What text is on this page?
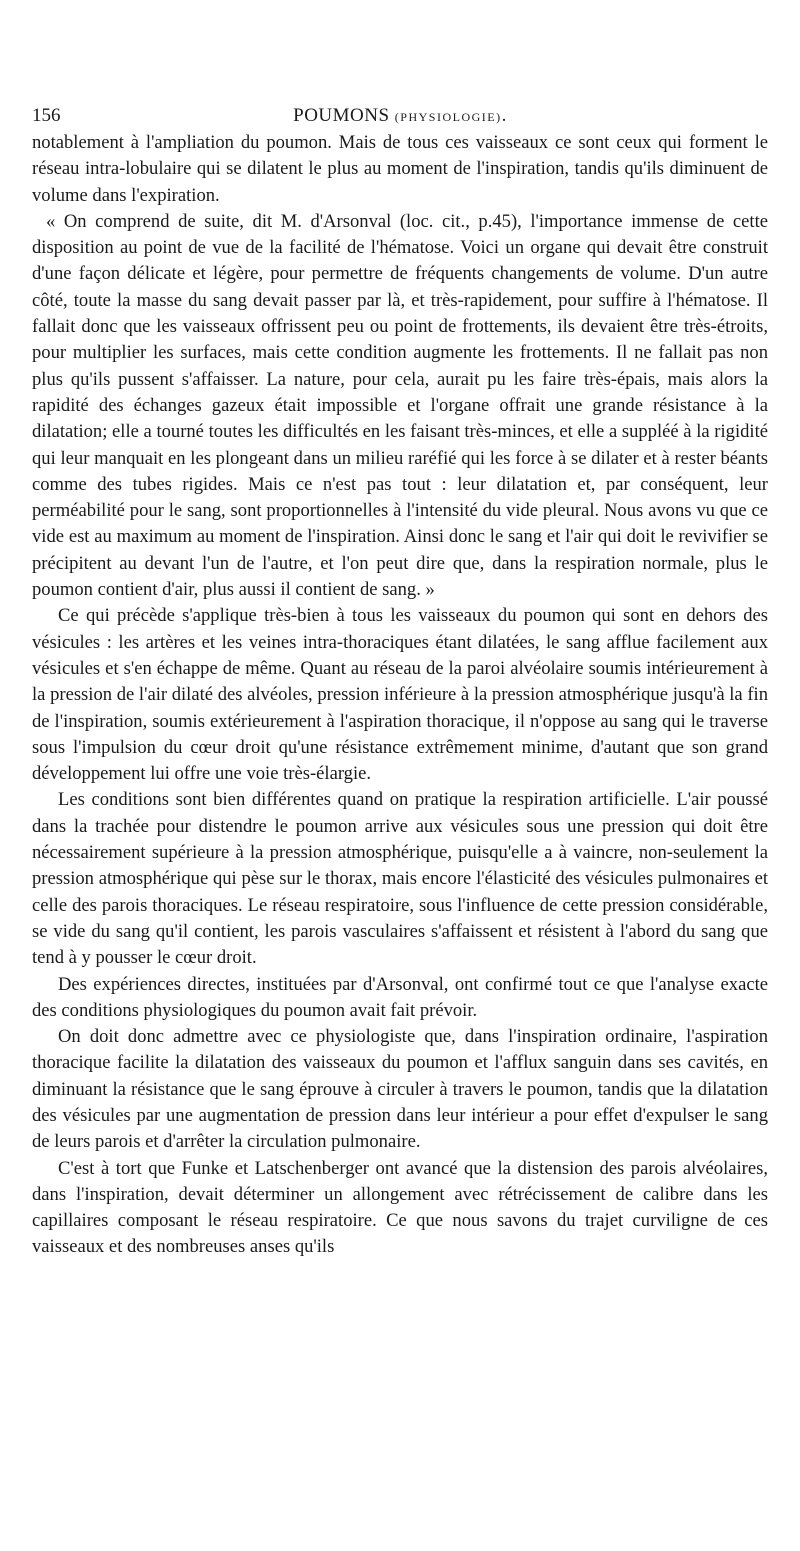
156	POUMONS (PHYSIOLOGIE).

notablement à l'ampliation du poumon. Mais de tous ces vaisseaux ce sont ceux qui forment le réseau intra-lobulaire qui se dilatent le plus au moment de l'inspiration, tandis qu'ils diminuent de volume dans l'expiration.

« On comprend de suite, dit M. d'Arsonval (loc. cit., p.45), l'importance immense de cette disposition au point de vue de la facilité de l'hématose. Voici un organe qui devait être construit d'une façon délicate et légère, pour permettre de fréquents changements de volume. D'un autre côté, toute la masse du sang devait passer par là, et très-rapidement, pour suffire à l'hématose. Il fallait donc que les vaisseaux offrissent peu ou point de frottements, ils devaient être très-étroits, pour multiplier les surfaces, mais cette condition augmente les frottements. Il ne fallait pas non plus qu'ils pussent s'affaisser. La nature, pour cela, aurait pu les faire très-épais, mais alors la rapidité des échanges gazeux était impossible et l'organe offrait une grande résistance à la dilatation; elle a tourné toutes les difficultés en les faisant très-minces, et elle a suppléé à la rigidité qui leur manquait en les plongeant dans un milieu raréfié qui les force à se dilater et à rester béants comme des tubes rigides. Mais ce n'est pas tout : leur dilatation et, par conséquent, leur perméabilité pour le sang, sont proportionnelles à l'intensité du vide pleural. Nous avons vu que ce vide est au maximum au moment de l'inspiration. Ainsi donc le sang et l'air qui doit le revivifier se précipitent au devant l'un de l'autre, et l'on peut dire que, dans la respiration normale, plus le poumon contient d'air, plus aussi il contient de sang. »

Ce qui précède s'applique très-bien à tous les vaisseaux du poumon qui sont en dehors des vésicules : les artères et les veines intra-thoraciques étant dilatées, le sang afflue facilement aux vésicules et s'en échappe de même. Quant au réseau de la paroi alvéolaire soumis intérieurement à la pression de l'air dilaté des alvéoles, pression inférieure à la pression atmosphérique jusqu'à la fin de l'inspiration, soumis extérieurement à l'aspiration thoracique, il n'oppose au sang qui le traverse sous l'impulsion du cœur droit qu'une résistance extrêmement minime, d'autant que son grand développement lui offre une voie très-élargie.

Les conditions sont bien différentes quand on pratique la respiration artificielle. L'air poussé dans la trachée pour distendre le poumon arrive aux vésicules sous une pression qui doit être nécessairement supérieure à la pression atmosphérique, puisqu'elle a à vaincre, non-seulement la pression atmosphérique qui pèse sur le thorax, mais encore l'élasticité des vésicules pulmonaires et celle des parois thoraciques. Le réseau respiratoire, sous l'influence de cette pression considérable, se vide du sang qu'il contient, les parois vasculaires s'affaissent et résistent à l'abord du sang que tend à y pousser le cœur droit.

Des expériences directes, instituées par d'Arsonval, ont confirmé tout ce que l'analyse exacte des conditions physiologiques du poumon avait fait prévoir.

On doit donc admettre avec ce physiologiste que, dans l'inspiration ordinaire, l'aspiration thoracique facilite la dilatation des vaisseaux du poumon et l'afflux sanguin dans ses cavités, en diminuant la résistance que le sang éprouve à circuler à travers le poumon, tandis que la dilatation des vésicules par une augmentation de pression dans leur intérieur a pour effet d'expulser le sang de leurs parois et d'arrêter la circulation pulmonaire.

C'est à tort que Funke et Latschenberger ont avancé que la distension des parois alvéolaires, dans l'inspiration, devait déterminer un allongement avec rétrécissement de calibre dans les capillaires composant le réseau respiratoire. Ce que nous savons du trajet curviligne de ces vaisseaux et des nombreuses anses qu'ils
